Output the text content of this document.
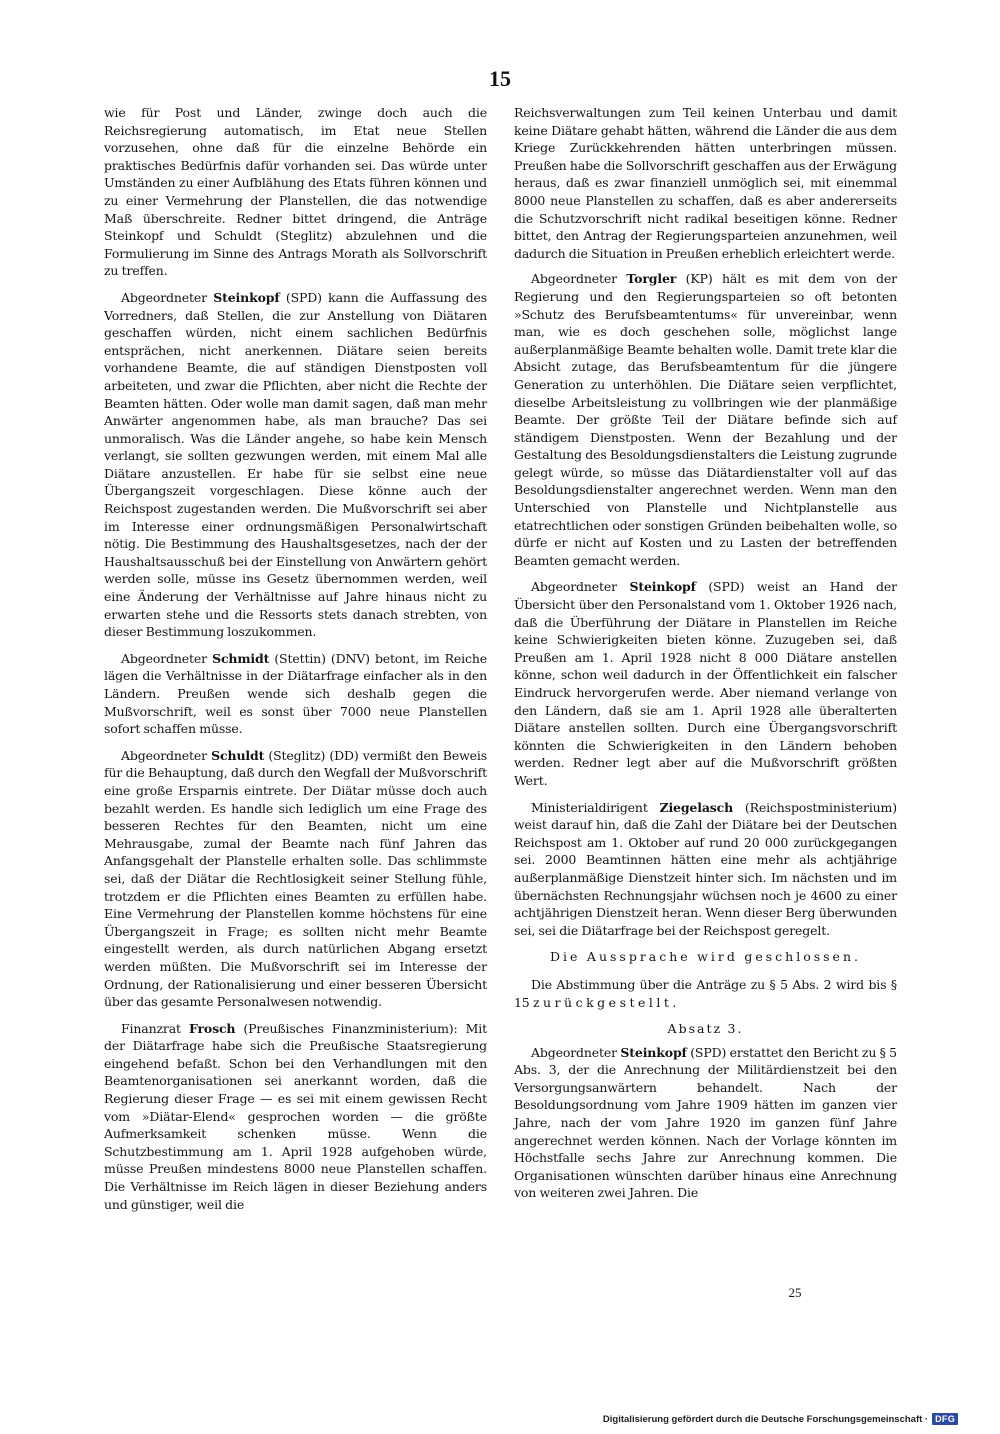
15

wie für Post und Länder, zwinge doch auch die Reichsregierung automatisch, im Etat neue Stellen vorzusehen, ohne daß für die einzelne Behörde ein praktisches Bedürfnis dafür vorhanden sei. Das würde unter Umständen zu einer Aufblähung des Etats führen können und zu einer Vermehrung der Planstellen, die das notwendige Maß überschreite. Redner bittet dringend, die Anträge Steinkopf und Schuldt (Steglitz) abzulehnen und die Formulierung im Sinne des Antrags Morath als Sollvorschrift zu treffen.

Abgeordneter Steinkopf (SPD) kann die Auffassung des Vorredners, daß Stellen, die zur Anstellung von Diätaren geschaffen würden, nicht einem sachlichen Bedürfnis entsprächen, nicht anerkennen. Diätare seien bereits vorhandene Beamte, die auf ständigen Dienstposten voll arbeiteten, und zwar die Pflichten, aber nicht die Rechte der Beamten hätten. Oder wolle man damit sagen, daß man mehr Anwärter angenommen habe, als man brauche? Das sei unmoralisch. Was die Länder angehe, so habe kein Mensch verlangt, sie sollten gezwungen werden, mit einem Mal alle Diätare anzustellen. Er habe für sie selbst eine neue Übergangszeit vorgeschlagen. Diese könne auch der Reichspost zugestanden werden. Die Mußvorschrift sei aber im Interesse einer ordnungsmäßigen Personalwirtschaft nötig. Die Bestimmung des Haushaltsgesetzes, nach der der Haushaltsausschuß bei der Einstellung von Anwärtern gehört werden solle, müsse ins Gesetz übernommen werden, weil eine Änderung der Verhältnisse auf Jahre hinaus nicht zu erwarten stehe und die Ressorts stets danach strebten, von dieser Bestimmung loszukommen.

Abgeordneter Schmidt (Stettin) (DNV) betont, im Reiche lägen die Verhältnisse in der Diätarfrage einfacher als in den Ländern. Preußen wende sich deshalb gegen die Mußvorschrift, weil es sonst über 7000 neue Planstellen sofort schaffen müsse.

Abgeordneter Schuldt (Steglitz) (DD) vermißt den Beweis für die Behauptung, daß durch den Wegfall der Mußvorschrift eine große Ersparnis eintrete. Der Diätar müsse doch auch bezahlt werden. Es handle sich lediglich um eine Frage des besseren Rechtes für den Beamten, nicht um eine Mehrausgabe, zumal der Beamte nach fünf Jahren das Anfangsgehalt der Planstelle erhalten solle. Das schlimmste sei, daß der Diätar die Rechtlosigkeit seiner Stellung fühle, trotzdem er die Pflichten eines Beamten zu erfüllen habe. Eine Vermehrung der Planstellen komme höchstens für eine Übergangszeit in Frage; es sollten nicht mehr Beamte eingestellt werden, als durch natürlichen Abgang ersetzt werden müßten. Die Mußvorschrift sei im Interesse der Ordnung, der Rationalisierung und einer besseren Übersicht über das gesamte Personalwesen notwendig.

Finanzrat Frosch (Preußisches Finanzministerium): Mit der Diätarfrage habe sich die Preußische Staatsregierung eingehend befaßt. Schon bei den Verhandlungen mit den Beamtenorganisationen sei anerkannt worden, daß die Regierung dieser Frage — es sei mit einem gewissen Recht vom »Diätar-Elend« gesprochen worden — die größte Aufmerksamkeit schenken müsse. Wenn die Schutzbestimmung am 1. April 1928 aufgehoben würde, müsse Preußen mindestens 8000 neue Planstellen schaffen. Die Verhältnisse im Reich lägen in dieser Beziehung anders und günstiger, weil die

Reichsverwaltungen zum Teil keinen Unterbau und damit keine Diätare gehabt hätten, während die Länder die aus dem Kriege Zurückkehrenden hätten unterbringen müssen. Preußen habe die Sollvorschrift geschaffen aus der Erwägung heraus, daß es zwar finanziell unmöglich sei, mit einemmal 8000 neue Planstellen zu schaffen, daß es aber andererseits die Schutzvorschrift nicht radikal beseitigen könne. Redner bittet, den Antrag der Regierungsparteien anzunehmen, weil dadurch die Situation in Preußen erheblich erleichtert werde.

Abgeordneter Torgler (KP) hält es mit dem von der Regierung und den Regierungsparteien so oft betonten »Schutz des Berufsbeamtentums« für unvereinbar, wenn man, wie es doch geschehen solle, möglichst lange außerplanmäßige Beamte behalten wolle. Damit trete klar die Absicht zutage, das Berufsbeamtentum für die jüngere Generation zu unterhöhlen. Die Diätare seien verpflichtet, dieselbe Arbeitsleistung zu vollbringen wie der planmäßige Beamte. Der größte Teil der Diätare befinde sich auf ständigem Dienstposten. Wenn der Bezahlung und der Gestaltung des Besoldungsdienstalters die Leistung zugrunde gelegt würde, so müsse das Diätardienstalter voll auf das Besoldungsdienstalter angerechnet werden. Wenn man den Unterschied von Planstelle und Nichtplanstelle aus etatrechtlichen oder sonstigen Gründen beibehalten wolle, so dürfe er nicht auf Kosten und zu Lasten der betreffenden Beamten gemacht werden.

Abgeordneter Steinkopf (SPD) weist an Hand der Übersicht über den Personalstand vom 1. Oktober 1926 nach, daß die Überführung der Diätare in Planstellen im Reiche keine Schwierigkeiten bieten könne. Zuzugeben sei, daß Preußen am 1. April 1928 nicht 8 000 Diätare anstellen könne, schon weil dadurch in der Öffentlichkeit ein falscher Eindruck hervorgerufen werde. Aber niemand verlange von den Ländern, daß sie am 1. April 1928 alle überalterten Diätare anstellen sollten. Durch eine Übergangsvorschrift könnten die Schwierigkeiten in den Ländern behoben werden. Redner legt aber auf die Mußvorschrift größten Wert.

Ministerialdirigent Ziegelasch (Reichspostministerium) weist darauf hin, daß die Zahl der Diätare bei der Deutschen Reichspost am 1. Oktober auf rund 20 000 zurückgegangen sei. 2000 Beamtinnen hätten eine mehr als achtjährige außerplanmäßige Dienstzeit hinter sich. Im nächsten und im übernächsten Rechnungsjahr wüchsen noch je 4600 zu einer achtjährigen Dienstzeit heran. Wenn dieser Berg überwunden sei, sei die Diätarfrage bei der Reichspost geregelt.

Die Aussprache wird geschlossen.

Die Abstimmung über die Anträge zu § 5 Abs. 2 wird bis § 15 zurückgestellt.

Absatz 3.

Abgeordneter Steinkopf (SPD) erstattet den Bericht zu § 5 Abs. 3, der die Anrechnung der Militärdienstzeit bei den Versorgungsanwärtern behandelt. Nach der Besoldungsordnung vom Jahre 1909 hätten im ganzen vier Jahre, nach der vom Jahre 1920 im ganzen fünf Jahre angerechnet werden können. Nach der Vorlage könnten im Höchstfalle sechs Jahre zur Anrechnung kommen. Die Organisationen wünschten darüber hinaus eine Anrechnung von weiteren zwei Jahren. Die

25
Digitalisierung gefördert durch die Deutsche Forschungsgemeinschaft · DFG
